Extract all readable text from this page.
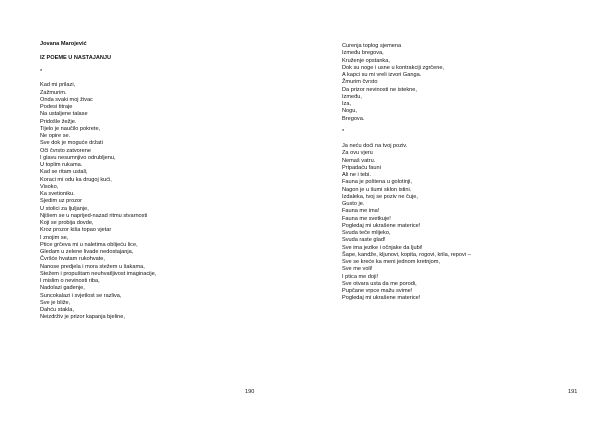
Jovana Marojević
IZ POEME U NASTAJANJU
*
Kad mi prilazi,
Zažmurim.
Onda svaki moj živac
Podesi titraje
Na ustaljene talase
Pridošle žežje.
Tijelo je naučilo pokrete,
Ne opire se.
Sve dok je moguće držati
Oči čvrsto zatvorene
I glavu nesumnjivo odrubljenu,
U toplim rukama.
Kad se ritam ustali,
Koraci mi odu ka drugoj kući,
Visoko,
Ka svetioniku.
Sjedim uz prozor
U stolici za ljuljanje,
Njišem se u naprijed-nazad ritmu stvarnosti
Koji se probija dovde,
Kroz prozor kiša topao vjetar
I znojim se,
Ptice grčeva mi u naletima oblijeću lice,
Gledam u zelene livade nedostajanja,
Čvršće hvatam rukohvate,
Nanose predjela i mora stežem u šakama,
Stežem i propuštam neuhvatljivost imaginacije,
I mislim o nevinosti riba,
Nadolazi gađenje,
Suncokalazi i svjetlost se razliva,
Sve je bliže,
Dahću stakla,
Neizdrživ je prizor kapanja bjeline,
190
Curenja toplog sjemena
Između bregova,
Kruženje opstanka,
Dok su noge i usne u kontrakciji zgrčene,
A kapci su mi vreli izvori Ganga.
Žmurim čvrsto
Da prizor nevinosti ne istekne,
Između,
Iza,
Nogu,
Bregova.
*
Ja neću doći na tvoj poziv.
Za ovu vjeru
Nemaš vatru.
Pripadaću fauni
Ali ne i tebi.
Fauna je poštena u golotinji,
Nagon je u šumi sklon istini.
Izdaleka, tvoj se poziv ne čuje,
Gusto je.
Fauna me ima!
Fauna me svetkuje!
Pogledaj mi ukrašene materice!
Svuda teče mlijeko,
Svuda raste glad!
Sve ima jezike i očnjake da ljubi!
Šape, kandže, kljunovi, kopita, rogovi, krila, repovi –
Sve se kreće ka meni jednom kretnjom,
Sve me voli!
I ptica me doji!
Sve otvara usta da me porodi,
Pupčane vrpce mažu svime!
Pogledaj mi ukrašene materice!
191
